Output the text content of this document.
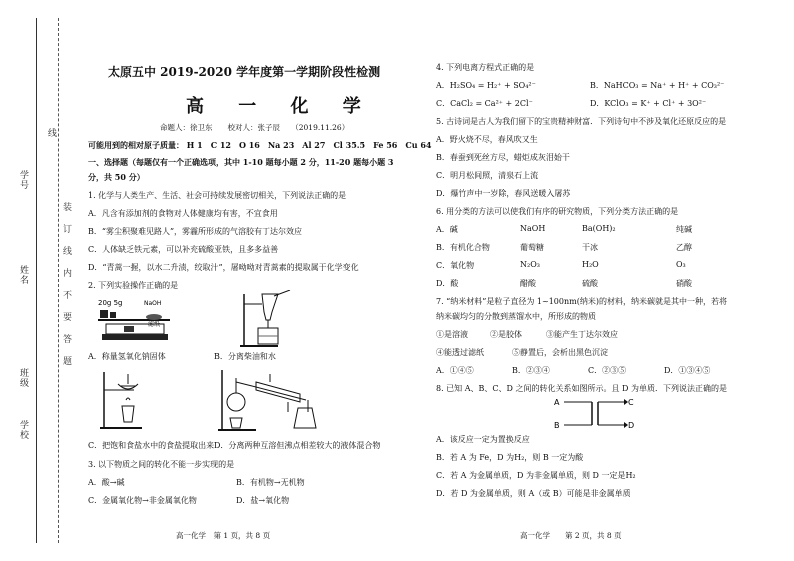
学号
姓名
班级
学校
线
装
订
线
内
不
要
答
题
太原五中 2019-2020 学年度第一学期阶段性检测
高 一 化 学
命题人：徐卫东　　校对人：张子辰　　（2019.11.26）
可能用到的相对原子质量： H 1　C 12　O 16　Na 23　Al 27　Cl 35.5　Fe 56　Cu 64
一、选择题（每题仅有一个正确选项，其中 1-10 题每小题 2 分，11-20 题每小题 3
分，共 50 分）
1. 化学与人类生产、生活、社会可持续发展密切相关，下列说法正确的是
A．凡含有添加剂的食物对人体健康均有害，不宜食用
B．“雾尘积聚难见路人”，雾霾所形成的气溶胶有丁达尔效应
C．人体缺乏铁元素，可以补充硫酸亚铁，且多多益善
D．“青蒿一握，以水二升渍，绞取汁”，屠呦呦对青蒿素的提取属于化学变化
2. 下列实验操作正确的是
20g 5g	NaOH
滤纸
A．称量氢氧化钠固体	B．分离柴油和水
C．把饱和食盐水中的食盐提取出来 D．分离两种互溶但沸点相差较大的液体混合物
3. 以下物质之间的转化不能一步实现的是
A．酸→碱	B．有机物→无机物
C．金属氧化物→非金属氧化物	D．盐→氧化物
高一化学　第 1 页，共 8 页
4. 下列电离方程式正确的是
A．H₂SO₄ = H₂⁺ + SO₄²⁻	B．NaHCO₃ = Na⁺ + H⁺ + CO₃²⁻
C．CaCl₂ = Ca²⁺ + 2Cl⁻	D．KClO₃ = K⁺ + Cl⁺ + 3O²⁻
5. 古诗词是古人为我们留下的宝贵精神财富．下列诗句中不涉及氧化还原反应的是
A．野火烧不尽，春风吹又生
B．春蚕到死丝方尽，蜡炬成灰泪始干
C．明月松间照，清泉石上流
D．爆竹声中一岁除，春风送暖入屠苏
6. 用分类的方法可以使我们有序的研究物质，下列分类方法正确的是
A．碱	NaOH	Ba(OH)₂	纯碱
B．有机化合物	葡萄糖	干冰	乙醇
C．氧化物	N₂O₃	H₂O	O₃
D．酸	醋酸	硫酸	硝酸
7. “纳米材料”是粒子直径为 1~100nm(纳米)的材料，纳米碳就是其中一种，若将
纳米碳均匀的分散到蒸馏水中，所形成的物质
①是溶液	②是胶体	③能产生丁达尔效应
④能透过滤纸	⑤静置后，会析出黑色沉淀
A．①④⑤	B．②③④	C．②③⑤	D．①③④⑤
8. 已知 A、B、C、D 之间的转化关系如图所示。且 D 为单质．下列说法正确的是
A
B
C
D
A．该反应一定为置换反应
B．若 A 为 Fe，D 为H₂，则 B 一定为酸
C．若 A 为金属单质，D 为非金属单质，则 D 一定是H₂
D．若 D 为金属单质，则 A（或 B）可能是非金属单质
高一化学　　第 2 页，共 8 页
